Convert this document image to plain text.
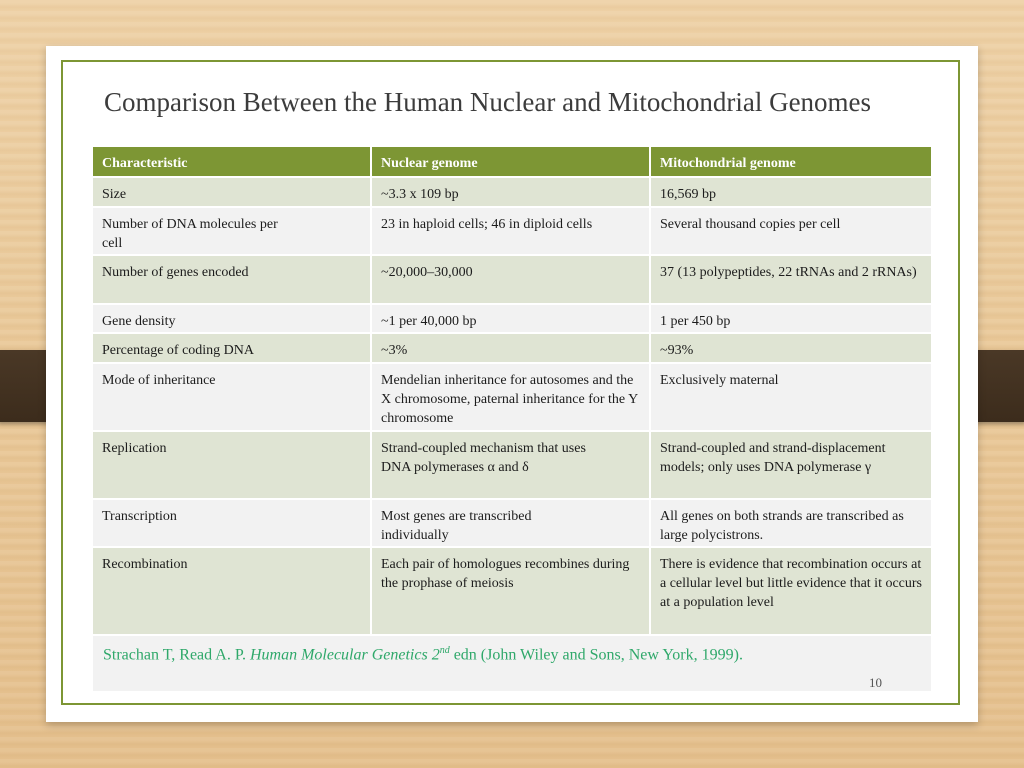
Comparison Between the Human Nuclear and Mitochondrial Genomes
Characteristic	Nuclear genome	Mitochondrial genome
Size	~3.3 x 109 bp	16,569 bp
Number of DNA molecules per cell	23 in haploid cells; 46 in diploid cells	Several thousand copies per cell
Number of genes encoded	~20,000–30,000	37 (13 polypeptides, 22 tRNAs and 2 rRNAs)
Gene density	~1 per 40,000 bp	1 per 450 bp
Percentage of coding DNA	~3%	~93%
Mode of inheritance	Mendelian inheritance for autosomes and the X chromosome, paternal inheritance for the Y chromosome	Exclusively maternal
Replication	Strand-coupled mechanism that uses DNA polymerases α and δ	Strand-coupled and strand-displacement models; only uses DNA polymerase γ
Transcription	Most genes are transcribed individually	All genes on both strands are transcribed as large polycistrons.
Recombination	Each pair of homologues recombines during the prophase of meiosis	There is evidence that recombination occurs at a cellular level but little evidence that it occurs at a population level
Strachan T, Read A. P. Human Molecular Genetics 2nd edn (John Wiley and Sons, New York, 1999).
10
